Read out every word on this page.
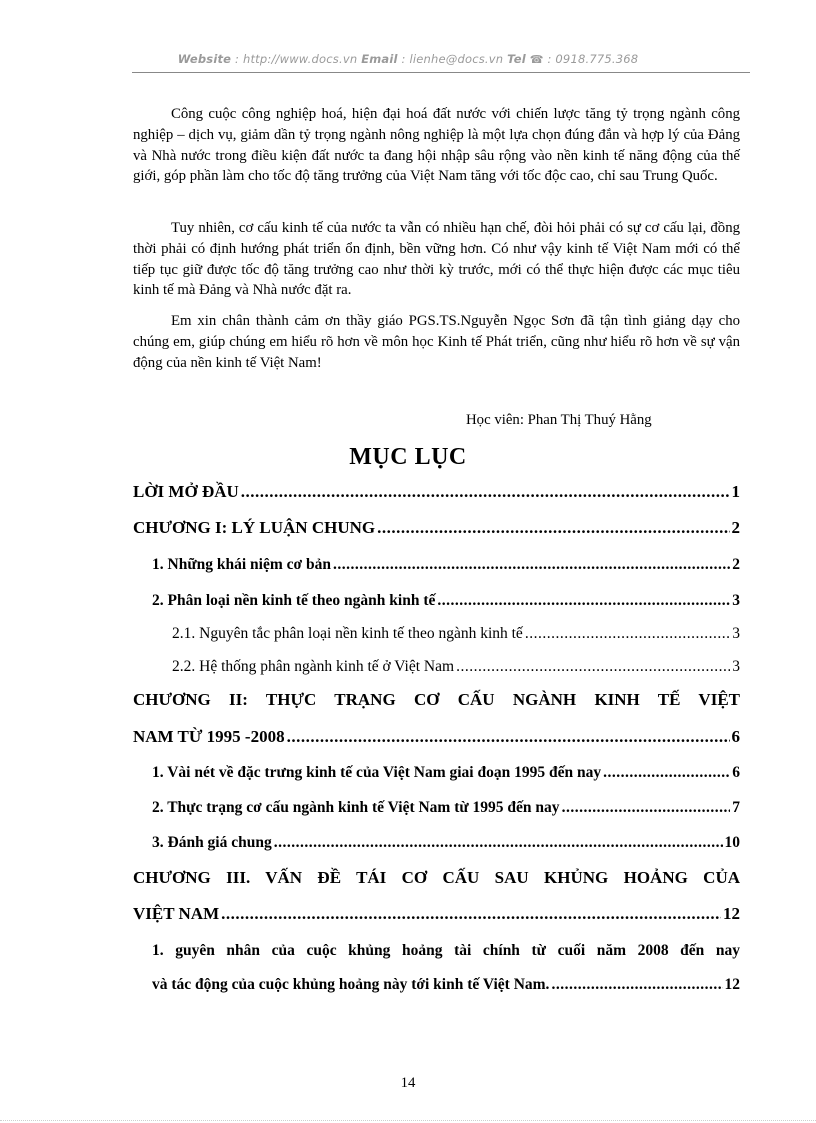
Website : http://www.docs.vn Email : lienhe@docs.vn Tel ☎ : 0918.775.368

Công cuộc công nghiệp hoá, hiện đại hoá đất nước với chiến lược tăng tỷ trọng ngành công nghiệp – dịch vụ, giảm dần tỷ trọng ngành nông nghiệp là một lựa chọn đúng đắn và hợp lý của Đảng và Nhà nước trong điều kiện đất nước ta đang hội nhập sâu rộng vào nền kinh tế năng động của thế giới, góp phần làm cho tốc độ tăng trưởng của Việt Nam tăng với tốc độc cao, chỉ sau Trung Quốc.

Tuy nhiên, cơ cấu kinh tế của nước ta vẫn có nhiều hạn chế, đòi hỏi phải có sự cơ cấu lại, đồng thời phải có định hướng phát triển ổn định, bền vững hơn. Có như vậy kinh tế Việt Nam mới có thể tiếp tục giữ được tốc độ tăng trưởng cao như thời kỳ trước, mới có thể thực hiện được các mục tiêu kinh tế mà Đảng và Nhà nước đặt ra.

Em xin chân thành cảm ơn thầy giáo PGS.TS.Nguyễn Ngọc Sơn đã tận tình giảng dạy cho chúng em, giúp chúng em hiểu rõ hơn về môn học Kinh tế Phát triển, cũng như hiểu rõ hơn về sự vận động của nền kinh tế Việt Nam!

Học viên: Phan Thị Thuý Hằng
MỤC LỤC
LỜI MỞ ĐẦU .....	1
CHƯƠNG I: LÝ LUẬN CHUNG .....	2
1. Những khái niệm cơ bản .....	2
2. Phân loại nền kinh tế theo ngành kinh tế .....	3
2.1. Nguyên tắc phân loại nền kinh tế theo ngành kinh tế .....	3
2.2. Hệ thống phân ngành kinh tế ở Việt Nam .....	3
CHƯƠNG II: THỰC TRẠNG CƠ CẤU NGÀNH KINH TẾ VIỆT
NAM TỪ 1995 -2008 .....	6
1. Vài nét về đặc trưng kinh tế của Việt Nam giai đoạn 1995 đến nay .....	6
2. Thực trạng cơ cấu ngành kinh tế Việt Nam từ 1995 đến nay .....	7
3. Đánh giá chung .....	10
CHƯƠNG III. VẤN ĐỀ TÁI CƠ CẤU SAU KHỦNG HOẢNG CỦA
VIỆT NAM .....	12
1. guyên nhân của cuộc khủng hoảng tài chính từ cuối năm 2008 đến nay
và tác động của cuộc khủng hoảng này tới kinh tế Việt Nam. .....	12
14
